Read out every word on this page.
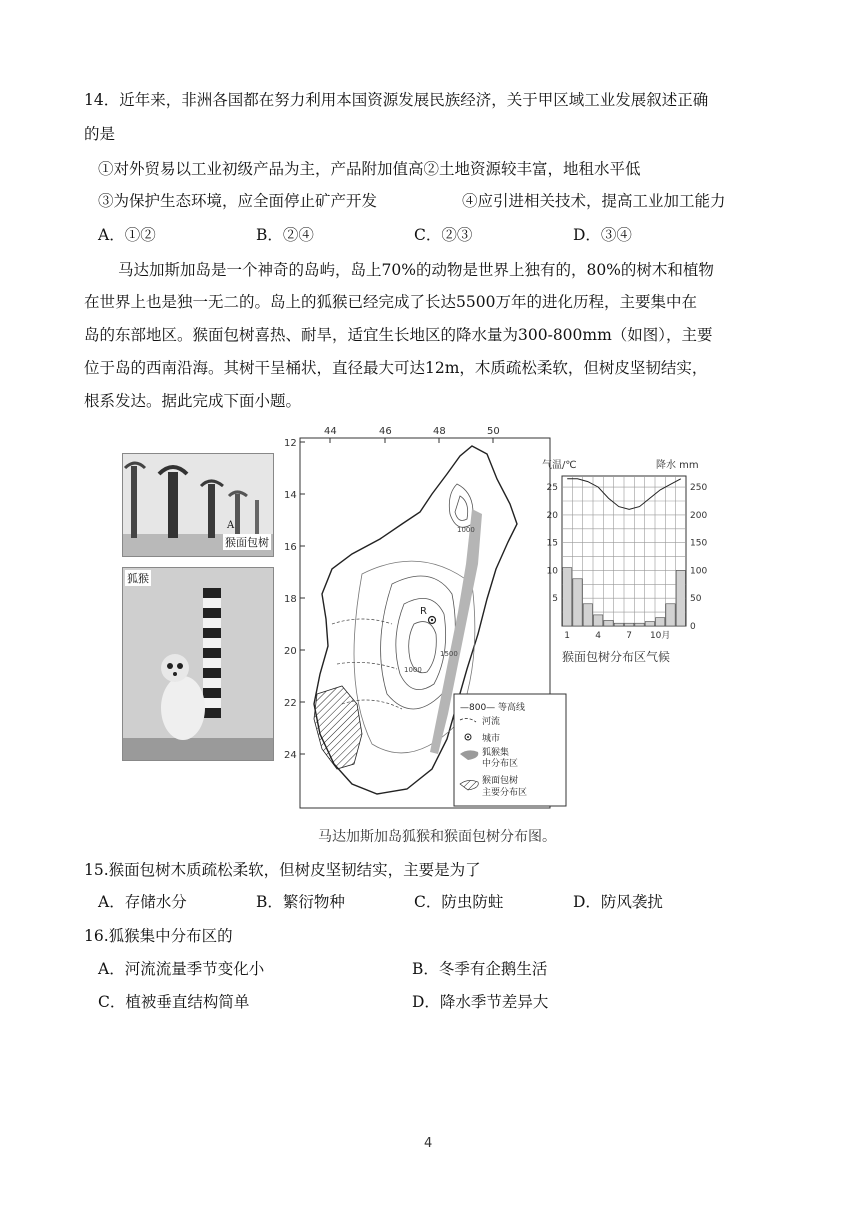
14．近年来，非洲各国都在努力利用本国资源发展民族经济，关于甲区域工业发展叙述正确
的是
①对外贸易以工业初级产品为主，产品附加值高②土地资源较丰富，地租水平低
③为保护生态环境，应全面停止矿产开发	④应引进相关技术，提高工业加工能力
A．①②	B．②④	C．②③	D．③④
马达加斯加岛是一个神奇的岛屿，岛上70%的动物是世界上独有的，80%的树木和植物
在世界上也是独一无二的。岛上的狐猴已经完成了长达5500万年的进化历程，主要集中在
岛的东部地区。猴面包树喜热、耐旱，适宜生长地区的降水量为300-800mm（如图），主要
位于岛的西南沿海。其树干呈桶状，直径最大可达12m，木质疏松柔软，但树皮坚韧结实，
根系发达。据此完成下面小题。
猴面包树
A
狐猴
44	46	48	50
12
14
16
18
20
22
24
R
1000
1500
1000
—800— 等高线
河流
城市
狐猴集
中分布区
猴面包树
主要分布区
气温/℃	降水 mm
5
10
15
20
25
0
50
100
150
200
250
1	4	7 10月
猴面包树分布区气候
马达加斯加岛狐猴和猴面包树分布图。
15.猴面包树木质疏松柔软，但树皮坚韧结实，主要是为了
A．存储水分	B．繁衍物种	C．防虫防蛀	D．防风袭扰
16.狐猴集中分布区的
A．河流流量季节变化小	B．冬季有企鹅生活
C．植被垂直结构简单	D．降水季节差异大
4
